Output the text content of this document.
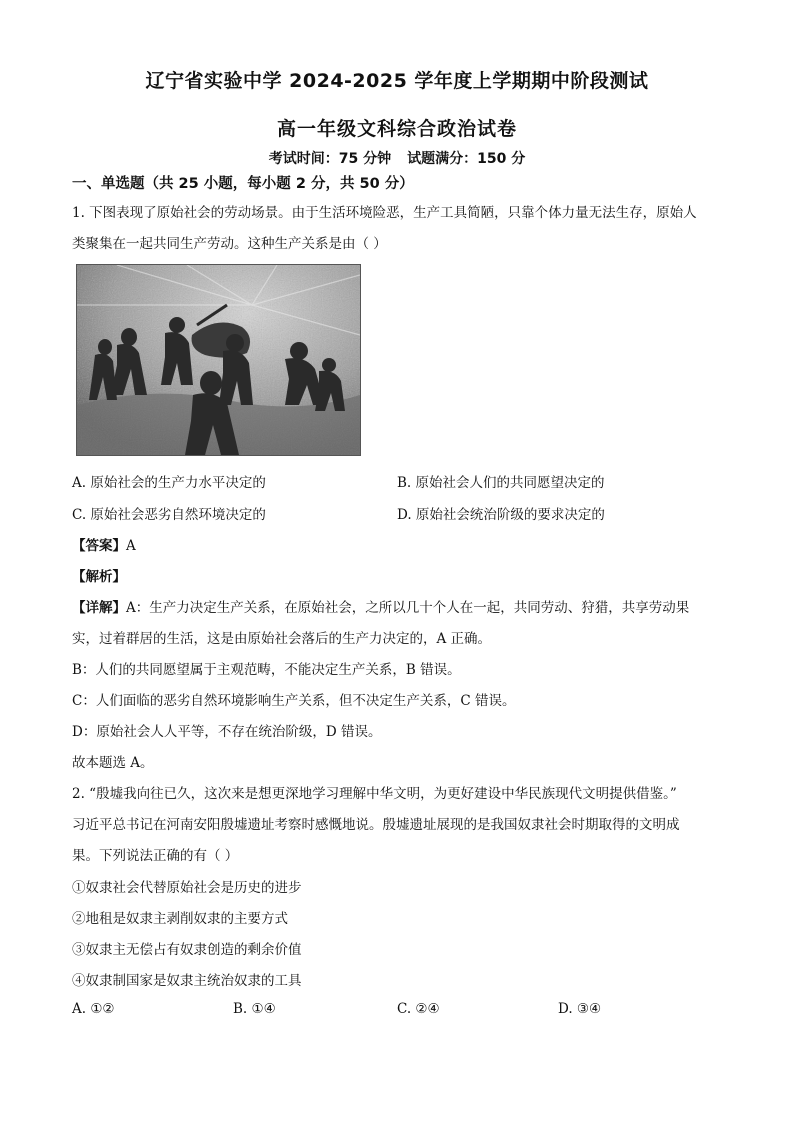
辽宁省实验中学 2024-2025 学年度上学期期中阶段测试
高一年级文科综合政治试卷
考试时间：75 分钟 试题满分：150 分
一、单选题（共 25 小题，每小题 2 分，共 50 分）
1. 下图表现了原始社会的劳动场景。由于生活环境险恶，生产工具简陋，只靠个体力量无法生存，原始人
类聚集在一起共同生产劳动。这种生产关系是由（ ）
A. 原始社会的生产力水平决定的	B. 原始社会人们的共同愿望决定的
C. 原始社会恶劣自然环境决定的	D. 原始社会统治阶级的要求决定的
【答案】A
【解析】
【详解】A：生产力决定生产关系，在原始社会，之所以几十个人在一起，共同劳动、狩猎，共享劳动果
实，过着群居的生活，这是由原始社会落后的生产力决定的，A 正确。
B：人们的共同愿望属于主观范畴，不能决定生产关系，B 错误。
C：人们面临的恶劣自然环境影响生产关系，但不决定生产关系，C 错误。
D：原始社会人人平等，不存在统治阶级，D 错误。
故本题选 A。
2. “殷墟我向往已久，这次来是想更深地学习理解中华文明，为更好建设中华民族现代文明提供借鉴。”
习近平总书记在河南安阳殷墟遗址考察时感慨地说。殷墟遗址展现的是我国奴隶社会时期取得的文明成
果。下列说法正确的有（ ）
①奴隶社会代替原始社会是历史的进步
②地租是奴隶主剥削奴隶的主要方式
③奴隶主无偿占有奴隶创造的剩余价值
④奴隶制国家是奴隶主统治奴隶的工具
A. ①②	B. ①④	C. ②④	D. ③④
